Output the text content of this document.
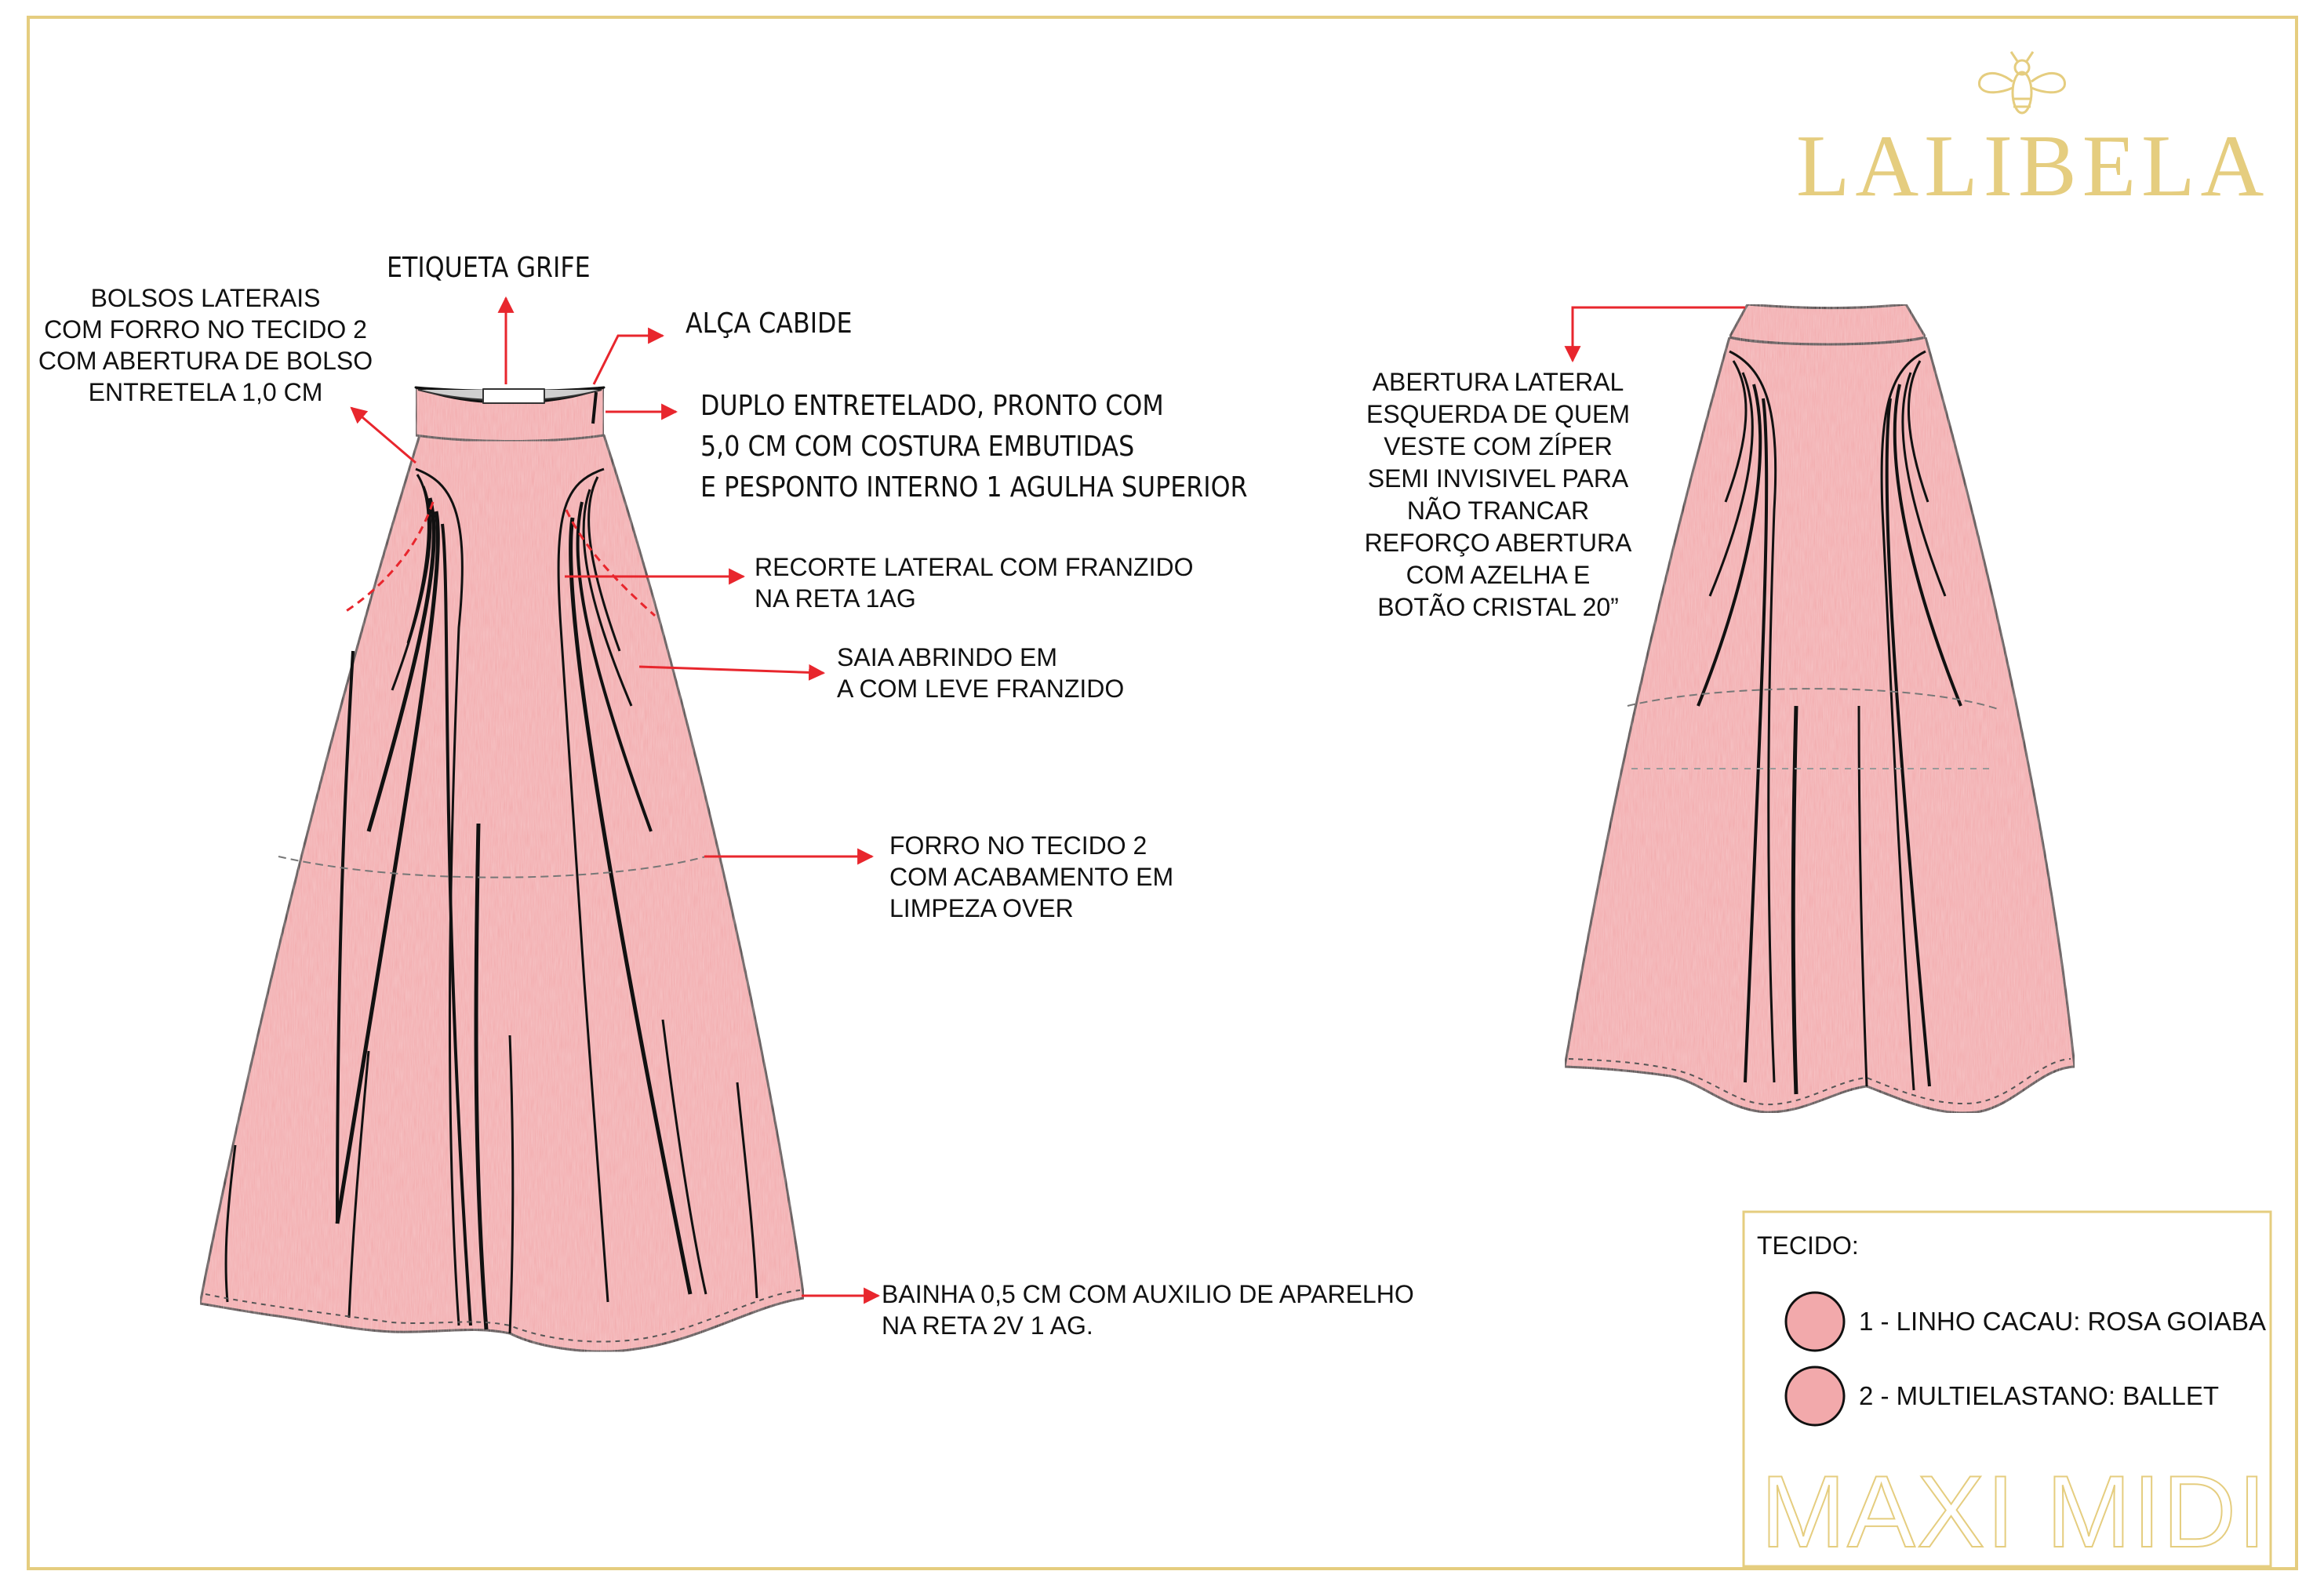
LALIBELA
ETIQUETA GRIFE
ALÇA CABIDE
BOLSOS LATERAIS
COM FORRO NO TECIDO 2
COM ABERTURA DE BOLSO
ENTRETELA 1,0 CM	DUPLO ENTRETELADO, PRONTO COM
5,0 CM COM COSTURA EMBUTIDAS
E PESPONTO INTERNO 1 AGULHA SUPERIOR
RECORTE LATERAL COM FRANZIDO
NA RETA 1AG
SAIA ABRINDO EM
A COM LEVE FRANZIDO
FORRO NO TECIDO 2
COM ACABAMENTO EM
LIMPEZA OVER
BAINHA 0,5 CM COM AUXILIO DE APARELHO
NA RETA 2V 1 AG.
ABERTURA LATERAL
ESQUERDA DE QUEM
VESTE COM ZÍPER
SEMI INVISIVEL PARA
NÃO TRANCAR
REFORÇO ABERTURA
COM AZELHA E
BOTÃO CRISTAL 20”
TECIDO:
1 - LINHO CACAU: ROSA GOIABA
2 - MULTIELASTANO: BALLET
MAXI MIDI
